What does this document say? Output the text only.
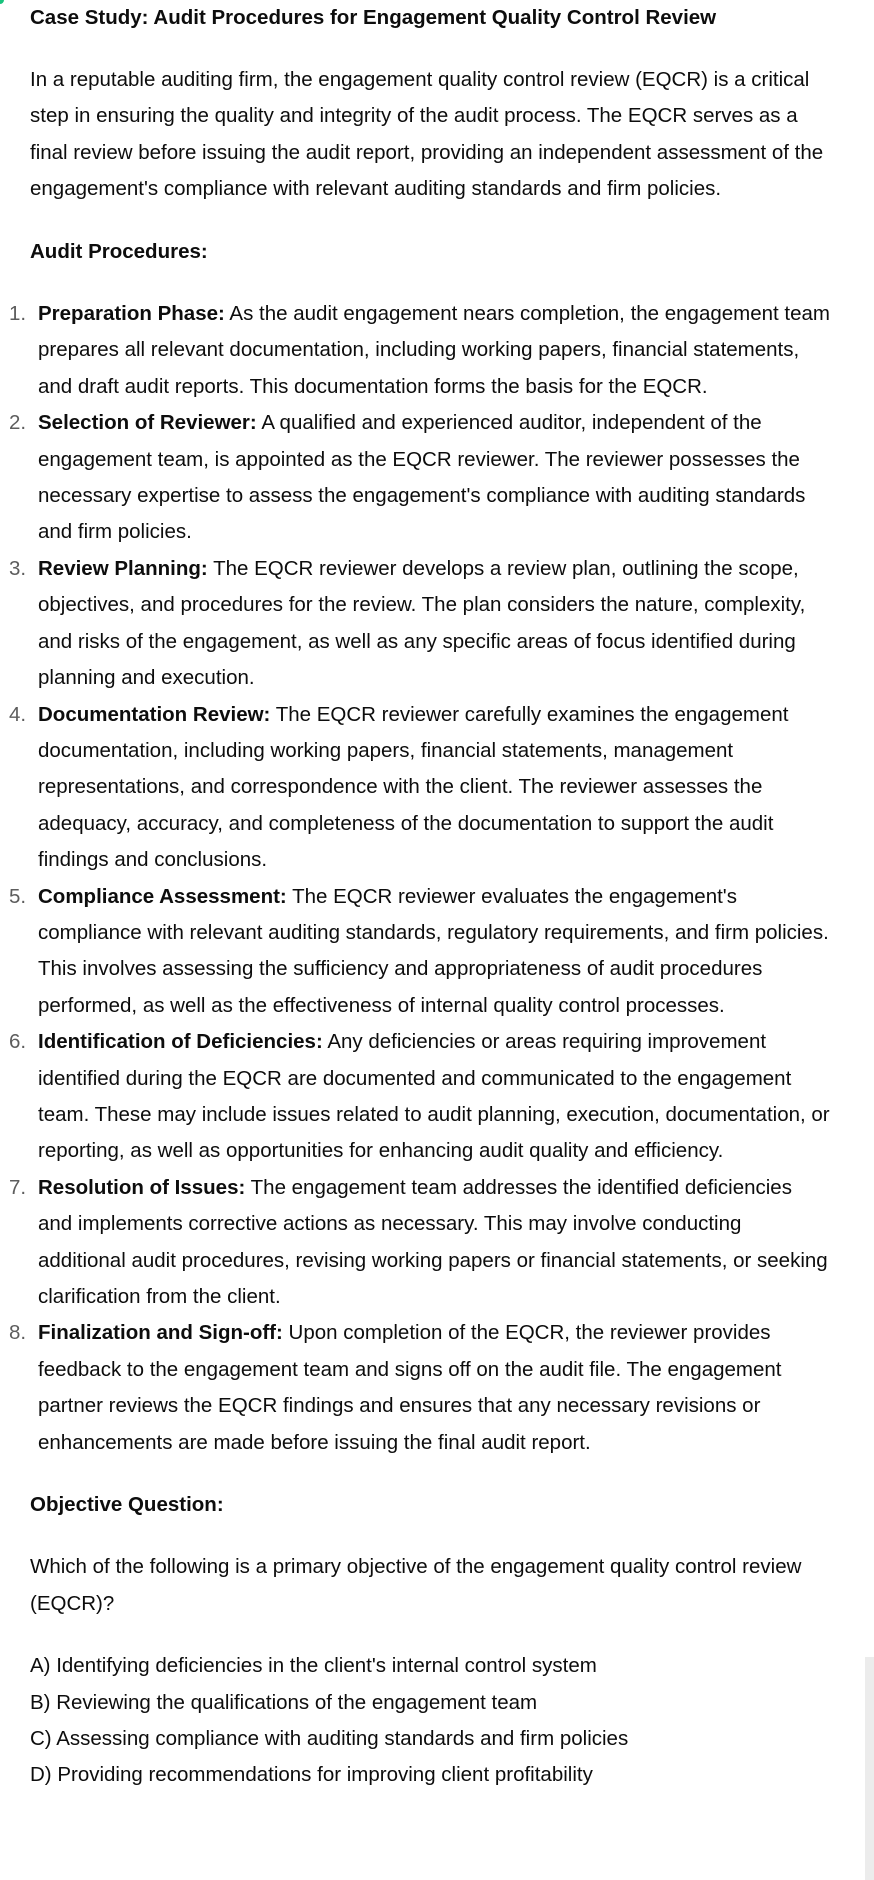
Case Study: Audit Procedures for Engagement Quality Control Review

In a reputable auditing firm, the engagement quality control review (EQCR) is a critical step in ensuring the quality and integrity of the audit process. The EQCR serves as a final review before issuing the audit report, providing an independent assessment of the engagement's compliance with relevant auditing standards and firm policies.

Audit Procedures:

1. Preparation Phase: As the audit engagement nears completion, the engagement team prepares all relevant documentation, including working papers, financial statements, and draft audit reports. This documentation forms the basis for the EQCR.
2. Selection of Reviewer: A qualified and experienced auditor, independent of the engagement team, is appointed as the EQCR reviewer. The reviewer possesses the necessary expertise to assess the engagement's compliance with auditing standards and firm policies.
3. Review Planning: The EQCR reviewer develops a review plan, outlining the scope, objectives, and procedures for the review. The plan considers the nature, complexity, and risks of the engagement, as well as any specific areas of focus identified during planning and execution.
4. Documentation Review: The EQCR reviewer carefully examines the engagement documentation, including working papers, financial statements, management representations, and correspondence with the client. The reviewer assesses the adequacy, accuracy, and completeness of the documentation to support the audit findings and conclusions.
5. Compliance Assessment: The EQCR reviewer evaluates the engagement's compliance with relevant auditing standards, regulatory requirements, and firm policies. This involves assessing the sufficiency and appropriateness of audit procedures performed, as well as the effectiveness of internal quality control processes.
6. Identification of Deficiencies: Any deficiencies or areas requiring improvement identified during the EQCR are documented and communicated to the engagement team. These may include issues related to audit planning, execution, documentation, or reporting, as well as opportunities for enhancing audit quality and efficiency.
7. Resolution of Issues: The engagement team addresses the identified deficiencies and implements corrective actions as necessary. This may involve conducting additional audit procedures, revising working papers or financial statements, or seeking clarification from the client.
8. Finalization and Sign-off: Upon completion of the EQCR, the reviewer provides feedback to the engagement team and signs off on the audit file. The engagement partner reviews the EQCR findings and ensures that any necessary revisions or enhancements are made before issuing the final audit report.

Objective Question:

Which of the following is a primary objective of the engagement quality control review (EQCR)?

A) Identifying deficiencies in the client's internal control system

B) Reviewing the qualifications of the engagement team

C) Assessing compliance with auditing standards and firm policies

D) Providing recommendations for improving client profitability
